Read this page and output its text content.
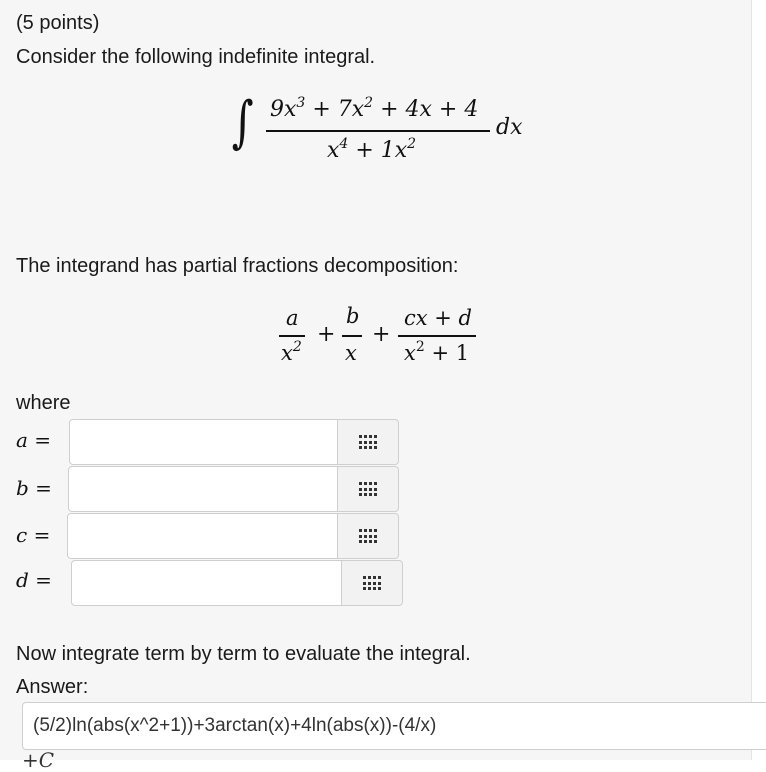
(5 points)
Consider the following indefinite integral.
∫ $9x^3 + 7x^2 + 4x + 4$
$x^4 + 1x^2$
dx
The integrand has partial fractions decomposition:
a
$x^2$ +
b
x
+
cx + d
$x^2 + 1$
where
a =
b =
c =
d =
Now integrate term by term to evaluate the integral.
Answer:
(5/2)ln(abs(x^2+1))+3arctan(x)+4ln(abs(x))-(4/x)
+C
